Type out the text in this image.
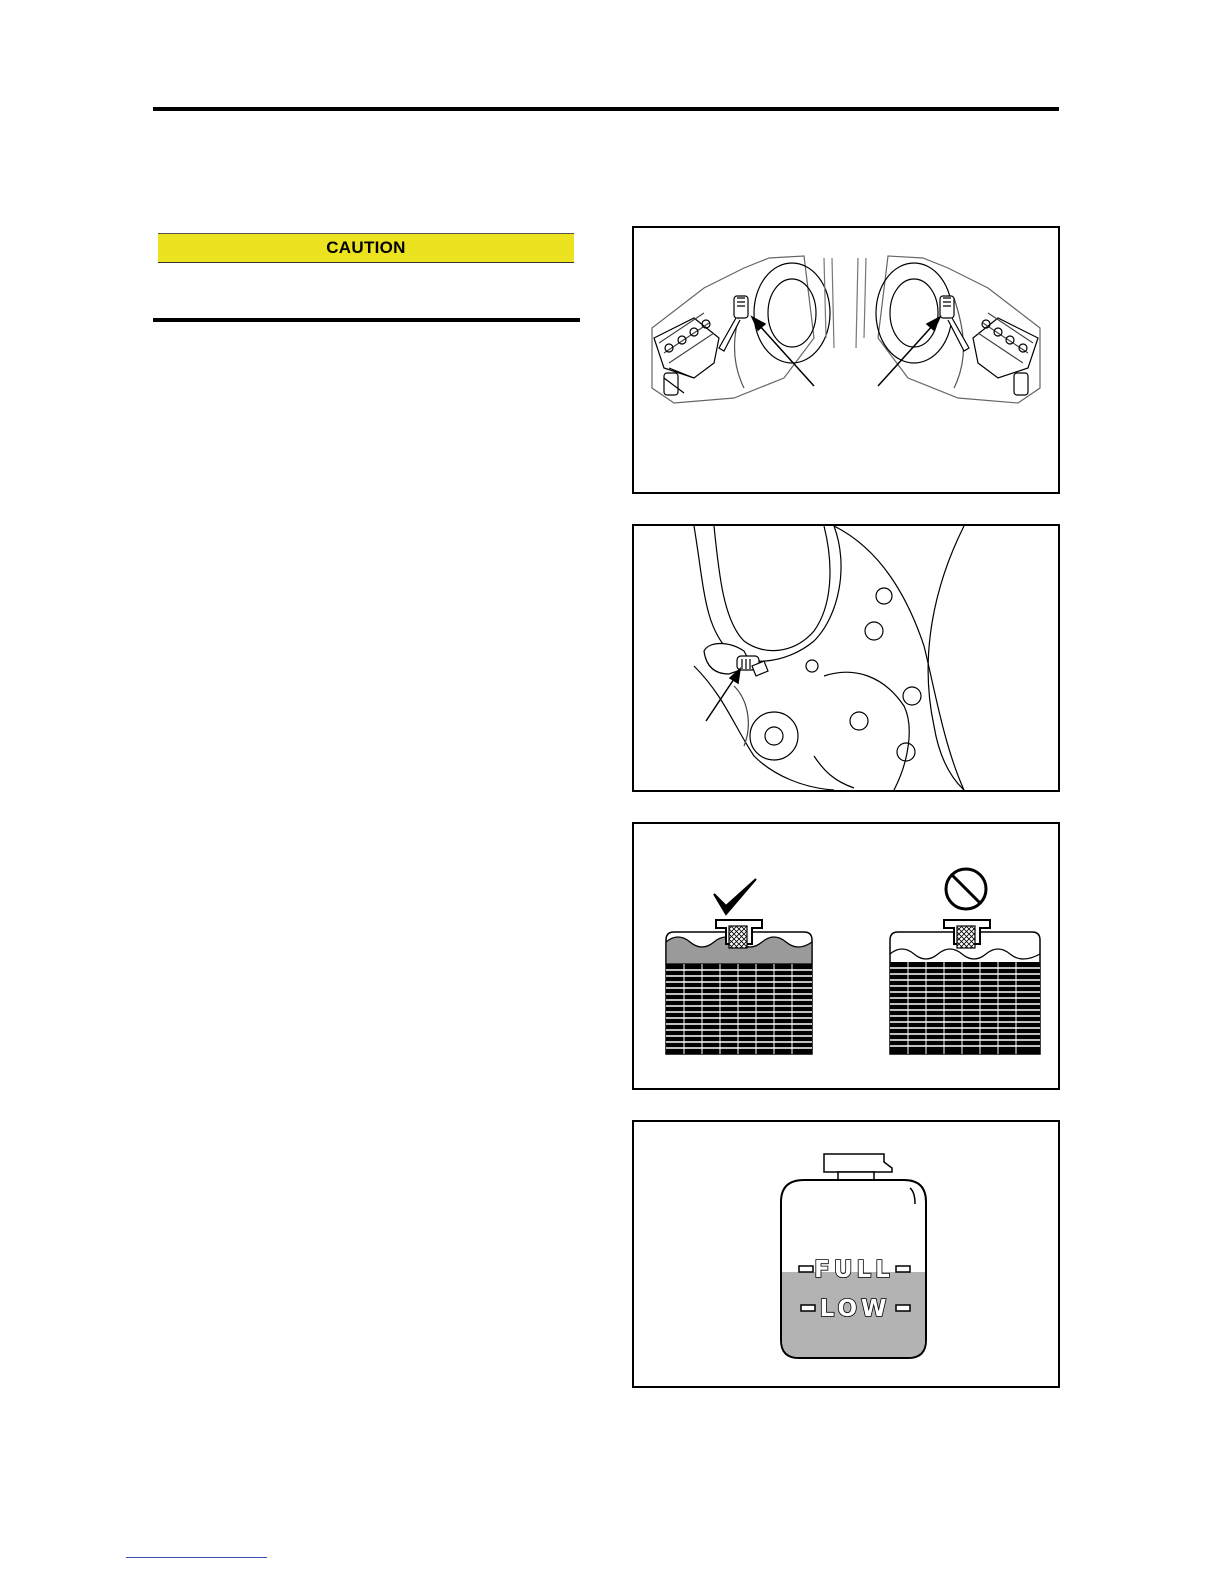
CAUTION
FULL
LOW
